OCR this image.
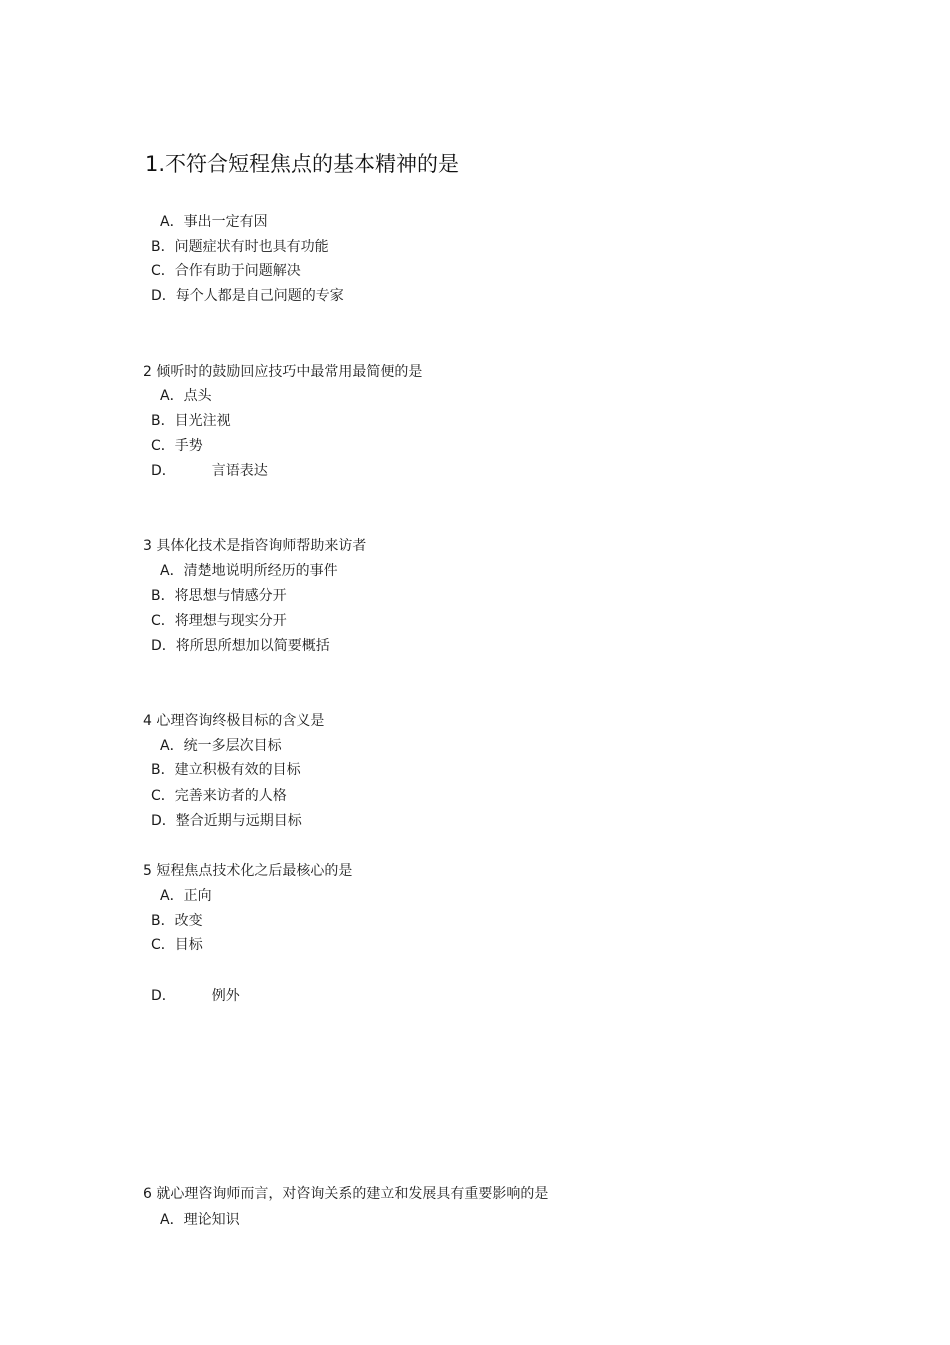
1.不符合短程焦点的基本精神的是
A．事出一定有因
B．问题症状有时也具有功能
C．合作有助于问题解决
D．每个人都是自己问题的专家
2 倾听时的鼓励回应技巧中最常用最简便的是
A．点头
B．目光注视
C．手势
D．	言语表达
3 具体化技术是指咨询师帮助来访者
A．清楚地说明所经历的事件
B．将思想与情感分开
C．将理想与现实分开
D．将所思所想加以简要概括
4 心理咨询终极目标的含义是
A．统一多层次目标
B．建立积极有效的目标
C．完善来访者的人格
D．整合近期与远期目标
5 短程焦点技术化之后最核心的是
A．正向
B．改变
C．目标
D．	例外
6 就心理咨询师而言，对咨询关系的建立和发展具有重要影响的是
A．理论知识
